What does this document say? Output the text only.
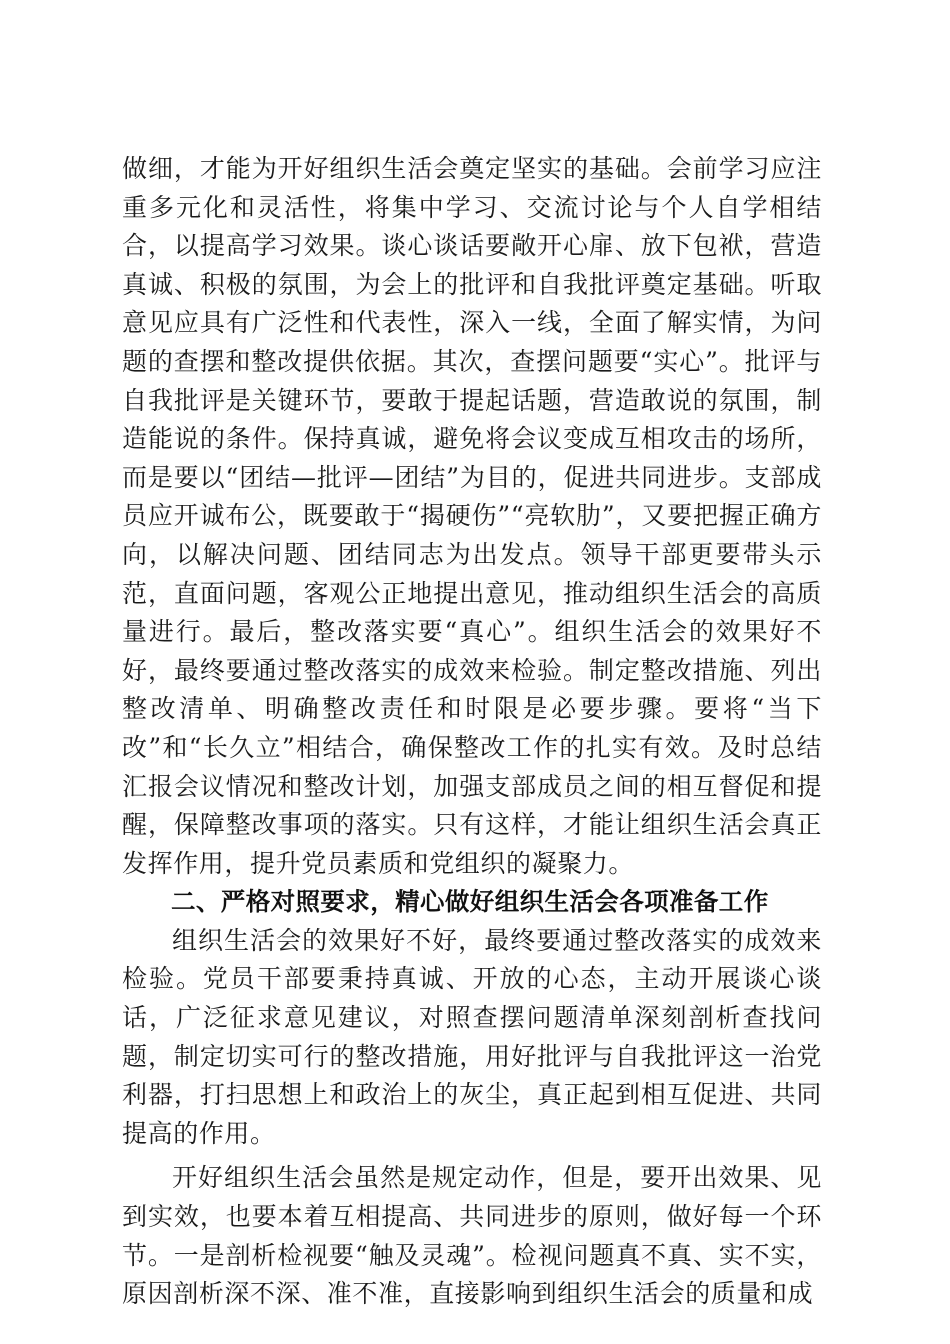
做细，才能为开好组织生活会奠定坚实的基础。会前学习应注重多元化和灵活性，将集中学习、交流讨论与个人自学相结合，以提高学习效果。谈心谈话要敞开心扉、放下包袱，营造真诚、积极的氛围，为会上的批评和自我批评奠定基础。听取意见应具有广泛性和代表性，深入一线，全面了解实情，为问题的查摆和整改提供依据。其次，查摆问题要“实心”。批评与自我批评是关键环节，要敢于提起话题，营造敢说的氛围，制造能说的条件。保持真诚，避免将会议变成互相攻击的场所，而是要以“团结—批评—团结”为目的，促进共同进步。支部成员应开诚布公，既要敢于“揭硬伤”“亮软肋”，又要把握正确方向，以解决问题、团结同志为出发点。领导干部更要带头示范，直面问题，客观公正地提出意见，推动组织生活会的高质量进行。最后，整改落实要“真心”。组织生活会的效果好不好，最终要通过整改落实的成效来检验。制定整改措施、列出整改清单、明确整改责任和时限是必要步骤。要将“当下改”和“长久立”相结合，确保整改工作的扎实有效。及时总结汇报会议情况和整改计划，加强支部成员之间的相互督促和提醒，保障整改事项的落实。只有这样，才能让组织生活会真正发挥作用，提升党员素质和党组织的凝聚力。

二、严格对照要求，精心做好组织生活会各项准备工作

组织生活会的效果好不好，最终要通过整改落实的成效来检验。党员干部要秉持真诚、开放的心态，主动开展谈心谈话，广泛征求意见建议，对照查摆问题清单深刻剖析查找问题，制定切实可行的整改措施，用好批评与自我批评这一治党利器，打扫思想上和政治上的灰尘，真正起到相互促进、共同提高的作用。

开好组织生活会虽然是规定动作，但是，要开出效果、见到实效，也要本着互相提高、共同进步的原则，做好每一个环节。一是剖析检视要“触及灵魂”。检视问题真不真、实不实，原因剖析深不深、准不准，直接影响到组织生活会的质量和成
